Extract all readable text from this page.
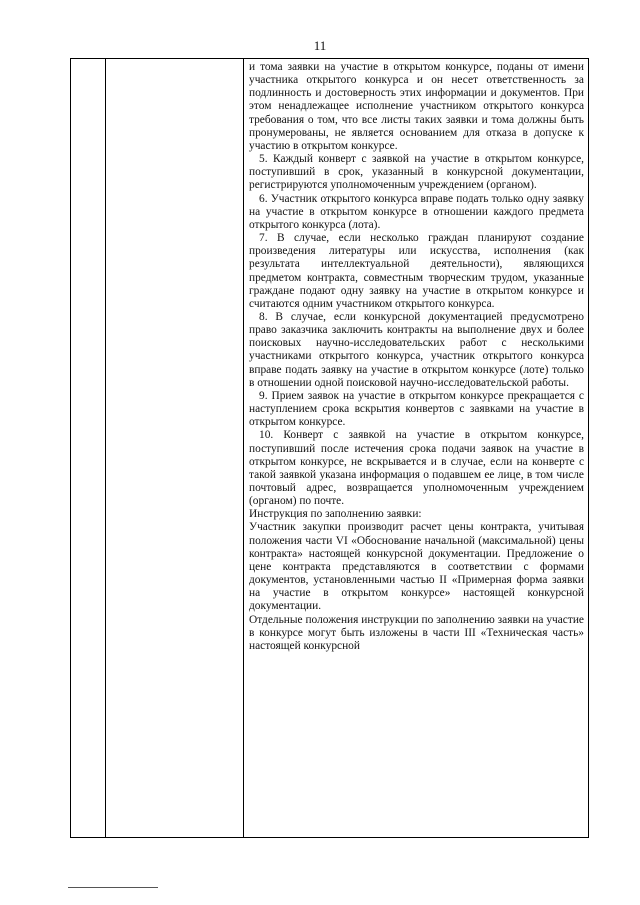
11

и тома заявки на участие в открытом конкурсе, поданы от имени участника открытого конкурса и он несет ответственность за подлинность и достоверность этих информации и документов. При этом ненадлежащее исполнение участником открытого конкурса требования о том, что все листы таких заявки и тома должны быть пронумерованы, не является основанием для отказа в допуске к участию в открытом конкурсе.

5. Каждый конверт с заявкой на участие в открытом конкурсе, поступивший в срок, указанный в конкурсной документации, регистрируются уполномоченным учреждением (органом).

6. Участник открытого конкурса вправе подать только одну заявку на участие в открытом конкурсе в отношении каждого предмета открытого конкурса (лота).

7. В случае, если несколько граждан планируют создание произведения литературы или искусства, исполнения (как результата интеллектуальной деятельности), являющихся предметом контракта, совместным творческим трудом, указанные граждане подают одну заявку на участие в открытом конкурсе и считаются одним участником открытого конкурса.

8. В случае, если конкурсной документацией предусмотрено право заказчика заключить контракты на выполнение двух и более поисковых научно-исследовательских работ с несколькими участниками открытого конкурса, участник открытого конкурса вправе подать заявку на участие в открытом конкурсе (лоте) только в отношении одной поисковой научно-исследовательской работы.

9. Прием заявок на участие в открытом конкурсе прекращается с наступлением срока вскрытия конвертов с заявками на участие в открытом конкурсе.

10. Конверт с заявкой на участие в открытом конкурсе, поступивший после истечения срока подачи заявок на участие в открытом конкурсе, не вскрывается и в случае, если на конверте с такой заявкой указана информация о подавшем ее лице, в том числе почтовый адрес, возвращается уполномоченным учреждением (органом) по почте.

Инструкция по заполнению заявки:

Участник закупки производит расчет цены контракта, учитывая положения части VI «Обоснование начальной (максимальной) цены контракта» настоящей конкурсной документации. Предложение о цене контракта представляются в соответствии с формами документов, установленными частью II «Примерная форма заявки на участие в открытом конкурсе» настоящей конкурсной документации.

Отдельные положения инструкции по заполнению заявки на участие в конкурсе могут быть изложены в части III «Техническая часть» настоящей конкурсной
